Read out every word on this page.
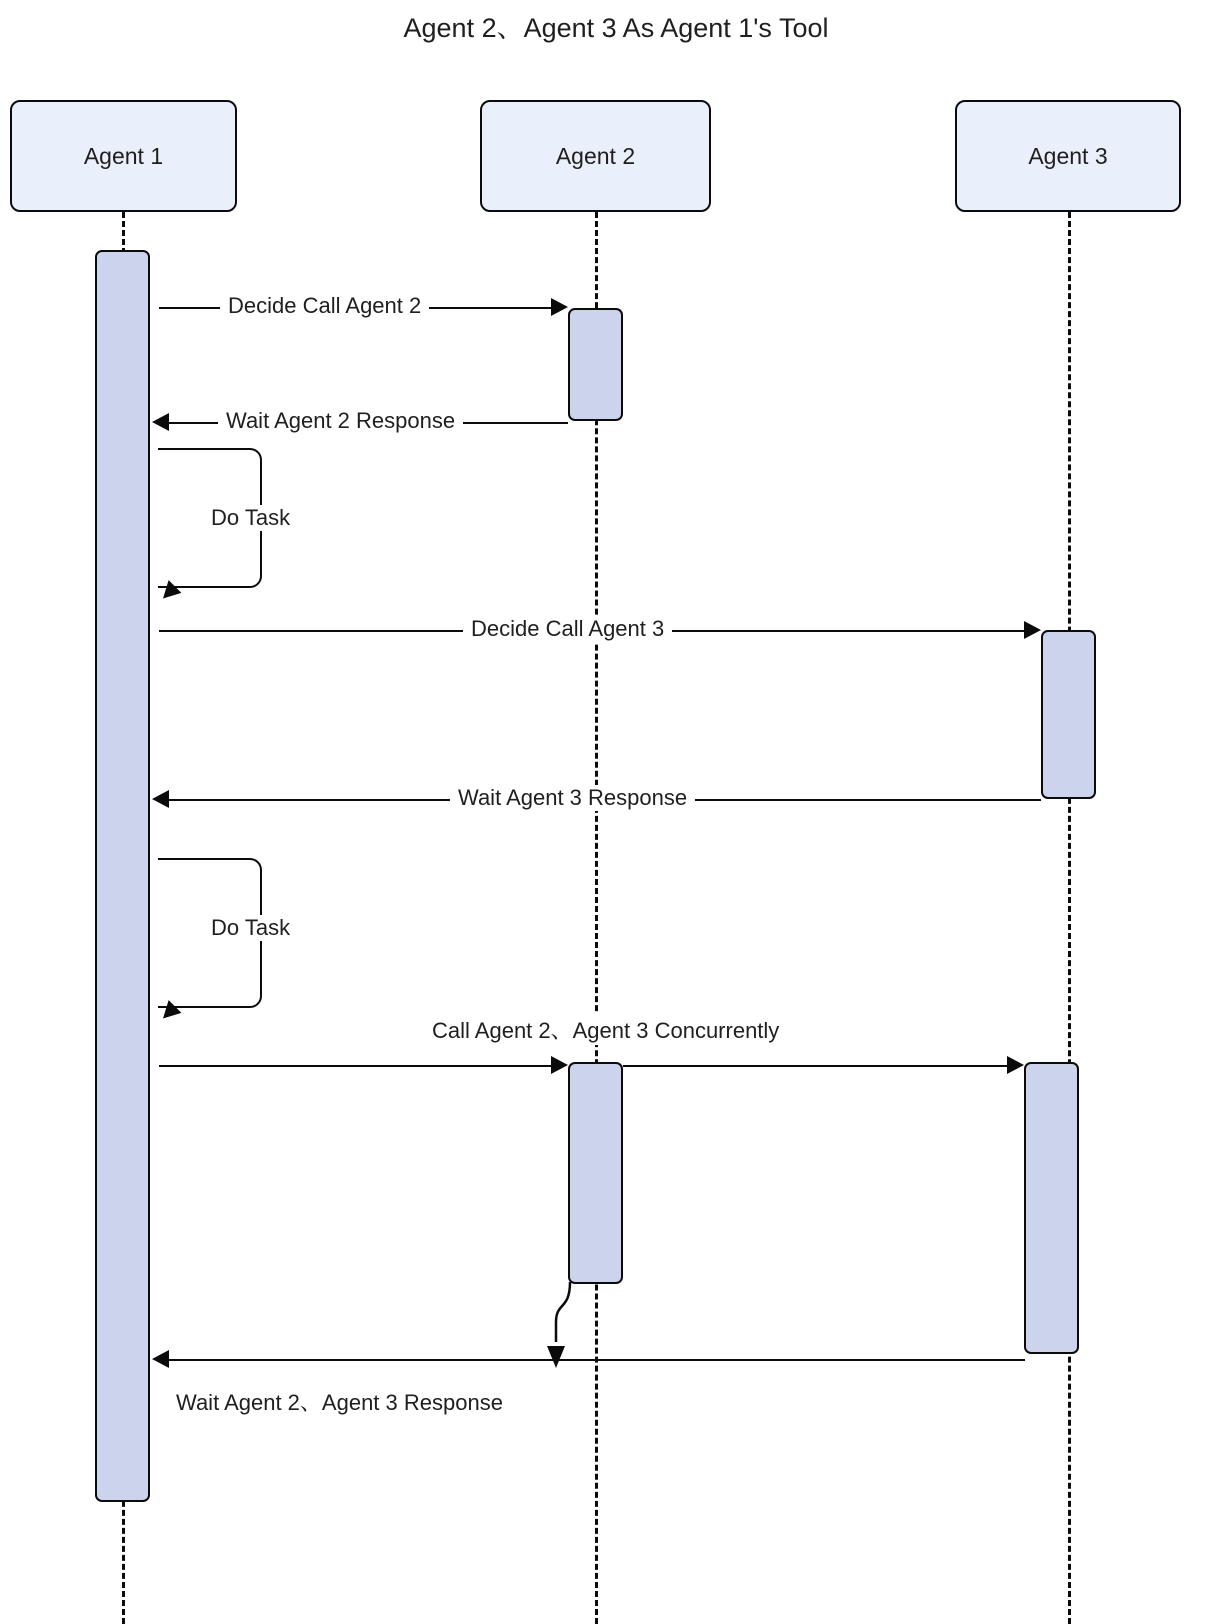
Agent 2、Agent 3 As Agent 1's Tool
Agent 1	Agent 2	Agent 3
Decide Call Agent 2
Wait Agent 2 Response
Do Task
Decide Call Agent 3
Wait Agent 3 Response
Do Task
Call Agent 2、Agent 3 Concurrently
Wait Agent 2、Agent 3 Response
